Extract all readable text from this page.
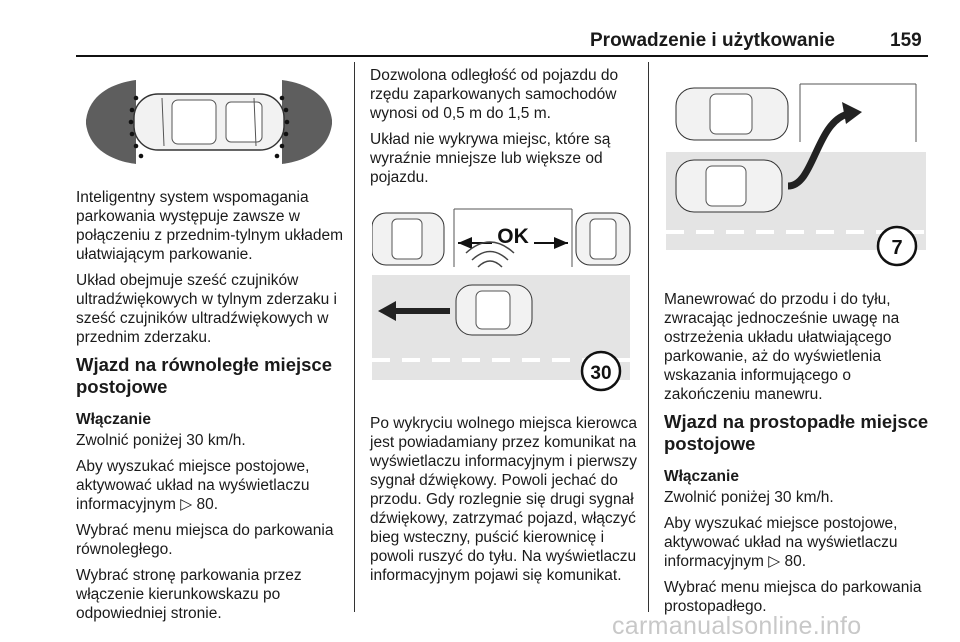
Prowadzenie i użytkowanie	159

Inteligentny system wspomagania parkowania występuje zawsze w połączeniu z przednim-tylnym układem ułatwiającym parkowanie.

Układ obejmuje sześć czujników ultradźwiękowych w tylnym zderzaku i sześć czujników ultradźwiękowych w przednim zderzaku.

Wjazd na równoległe miejsce postojowe
Włączanie

Zwolnić poniżej 30 km/h.

Aby wyszukać miejsce postojowe, aktywować układ na wyświetlaczu informacyjnym ▷ 80.

Wybrać menu miejsca do parkowania równoległego.

Wybrać stronę parkowania przez włączenie kierunkowskazu po odpowiedniej stronie.

Dozwolona odległość od pojazdu do rzędu zaparkowanych samochodów wynosi od 0,5 m do 1,5 m.

Układ nie wykrywa miejsc, które są wyraźnie mniejsze lub większe od pojazdu.

OK
30

Po wykryciu wolnego miejsca kierowca jest powiadamiany przez komunikat na wyświetlaczu informacyjnym i pierwszy sygnał dźwiękowy. Powoli jechać do przodu. Gdy rozlegnie się drugi sygnał dźwiękowy, zatrzymać pojazd, włączyć bieg wsteczny, puścić kierownicę i powoli ruszyć do tyłu. Na wyświetlaczu informacyjnym pojawi się komunikat.

7

Manewrować do przodu i do tyłu, zwracając jednocześnie uwagę na ostrzeżenia układu ułatwiającego parkowanie, aż do wyświetlenia wskazania informującego o zakończeniu manewru.

Wjazd na prostopadłe miejsce postojowe
Włączanie

Zwolnić poniżej 30 km/h.

Aby wyszukać miejsce postojowe, aktywować układ na wyświetlaczu informacyjnym ▷ 80.

Wybrać menu miejsca do parkowania prostopadłego.

carmanualsonline.info
